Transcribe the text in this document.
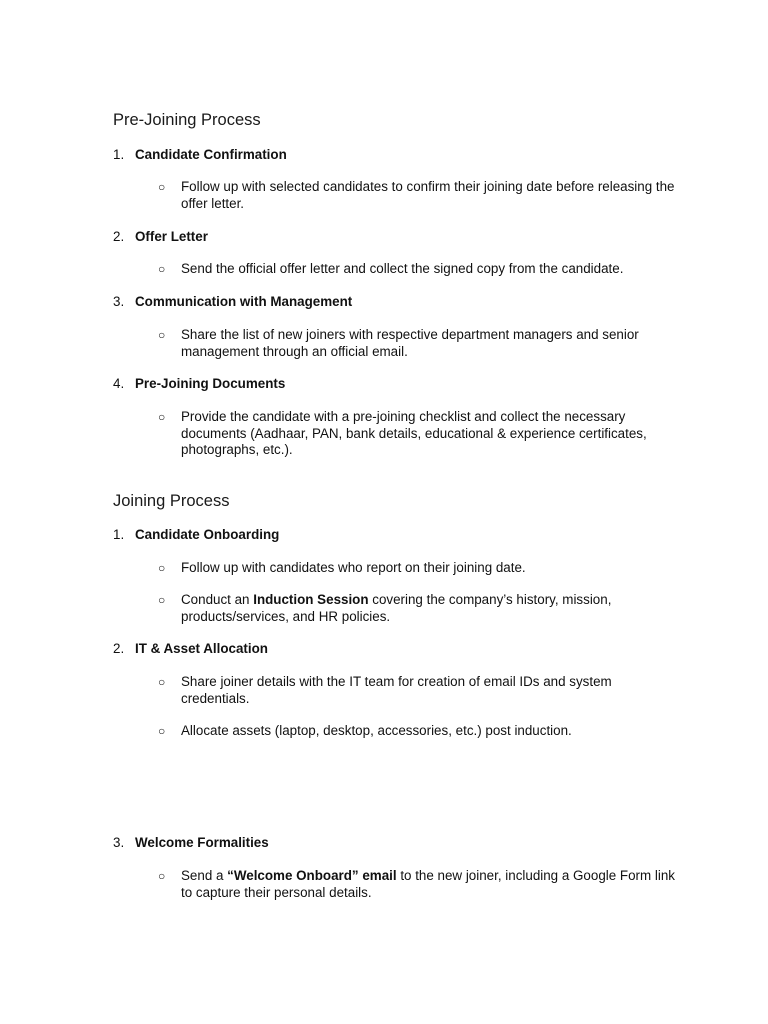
Pre-Joining Process
1. Candidate Confirmation
○ Follow up with selected candidates to confirm their joining date before releasing the offer letter.
2. Offer Letter
○ Send the official offer letter and collect the signed copy from the candidate.
3. Communication with Management
○ Share the list of new joiners with respective department managers and senior management through an official email.
4. Pre-Joining Documents
○ Provide the candidate with a pre-joining checklist and collect the necessary documents (Aadhaar, PAN, bank details, educational & experience certificates, photographs, etc.).
Joining Process
1. Candidate Onboarding
○ Follow up with candidates who report on their joining date.
○ Conduct an Induction Session covering the company’s history, mission, products/services, and HR policies.
2. IT & Asset Allocation
○ Share joiner details with the IT team for creation of email IDs and system credentials.
○ Allocate assets (laptop, desktop, accessories, etc.) post induction.
3. Welcome Formalities
○ Send a “Welcome Onboard” email to the new joiner, including a Google Form link to capture their personal details.
